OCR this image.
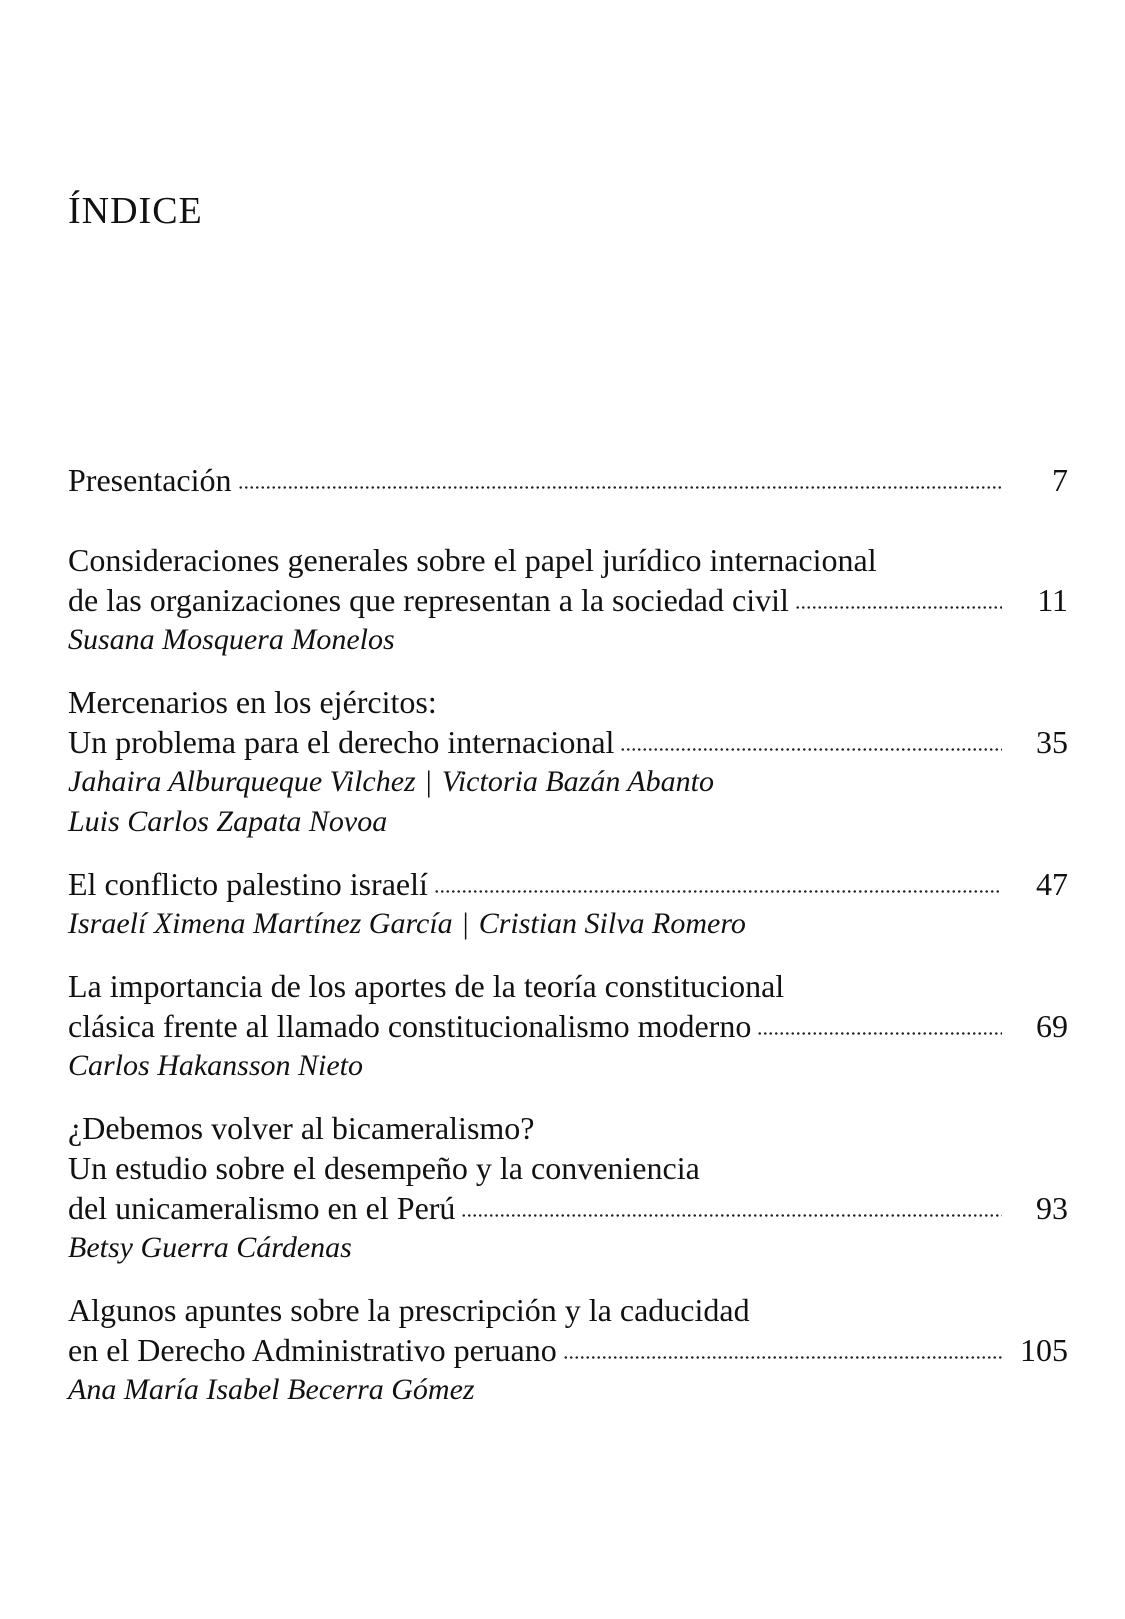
ÍNDICE
Presentación	7
Consideraciones generales sobre el papel jurídico internacional
de las organizaciones que representan a la sociedad civil	11
Susana Mosquera Monelos
Mercenarios en los ejércitos:
Un problema para el derecho internacional	35
Jahaira Alburqueque Vilchez | Victoria Bazán Abanto
Luis Carlos Zapata Novoa
El conflicto palestino israelí	47
Israelí Ximena Martínez García | Cristian Silva Romero
La importancia de los aportes de la teoría constitucional
clásica frente al llamado constitucionalismo moderno	69
Carlos Hakansson Nieto
¿Debemos volver al bicameralismo?
Un estudio sobre el desempeño y la conveniencia
del unicameralismo en el Perú	93
Betsy Guerra Cárdenas
Algunos apuntes sobre la prescripción y la caducidad
en el Derecho Administrativo peruano	105
Ana María Isabel Becerra Gómez
